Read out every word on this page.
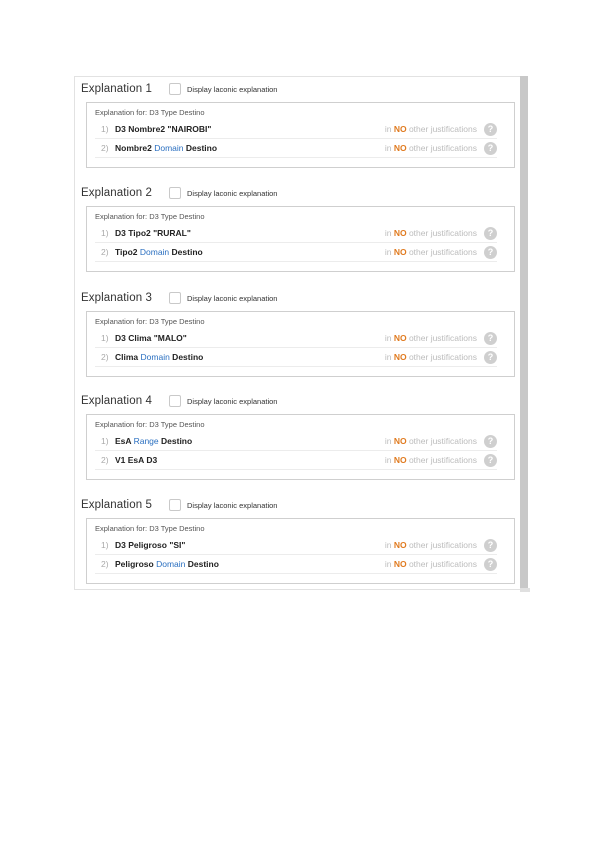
Explanation 1	Display laconic explanation
Explanation for: D3 Type Destino
1) D3 Nombre2 "NAIROBI"	in NO other justifications	?
2) Nombre2 Domain Destino	in NO other justifications	?
Explanation 2	Display laconic explanation
Explanation for: D3 Type Destino
1) D3 Tipo2 "RURAL"	in NO other justifications	?
2) Tipo2 Domain Destino	in NO other justifications	?
Explanation 3	Display laconic explanation
Explanation for: D3 Type Destino
1) D3 Clima "MALO"	in NO other justifications	?
2) Clima Domain Destino	in NO other justifications	?
Explanation 4	Display laconic explanation
Explanation for: D3 Type Destino
1) EsA Range Destino	in NO other justifications	?
2) V1 EsA D3	in NO other justifications	?
Explanation 5	Display laconic explanation
Explanation for: D3 Type Destino
1) D3 Peligroso "SI"	in NO other justifications	?
2) Peligroso Domain Destino	in NO other justifications	?
